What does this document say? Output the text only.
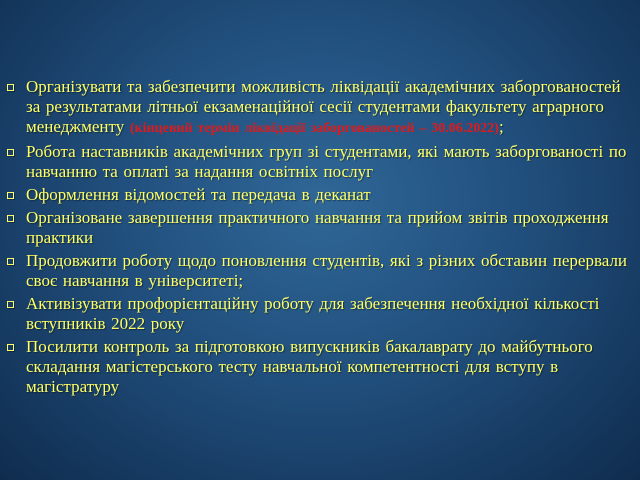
Організувати та забезпечити можливість ліквідації академічних заборгованостей за результатами літньої екзаменаційної сесії студентами факультету аграрного менеджменту (кінцевий термін ліквідації заборгованостей – 30.06.2022);
Робота наставників академічних груп зі студентами, які мають заборгованості по навчанню та оплаті за надання освітніх послуг
Оформлення відомостей та передача в деканат
Організоване завершення практичного навчання та прийом звітів проходження практики
Продовжити роботу щодо поновлення студентів, які з різних обставин перервали своє навчання в університеті;
Активізувати профорієнтаційну роботу для забезпечення необхідної кількості вступників 2022 року
Посилити контроль за підготовкою випускників бакалаврату до майбутнього складання магістерського тесту навчальної компетентності для вступу в магістратуру
